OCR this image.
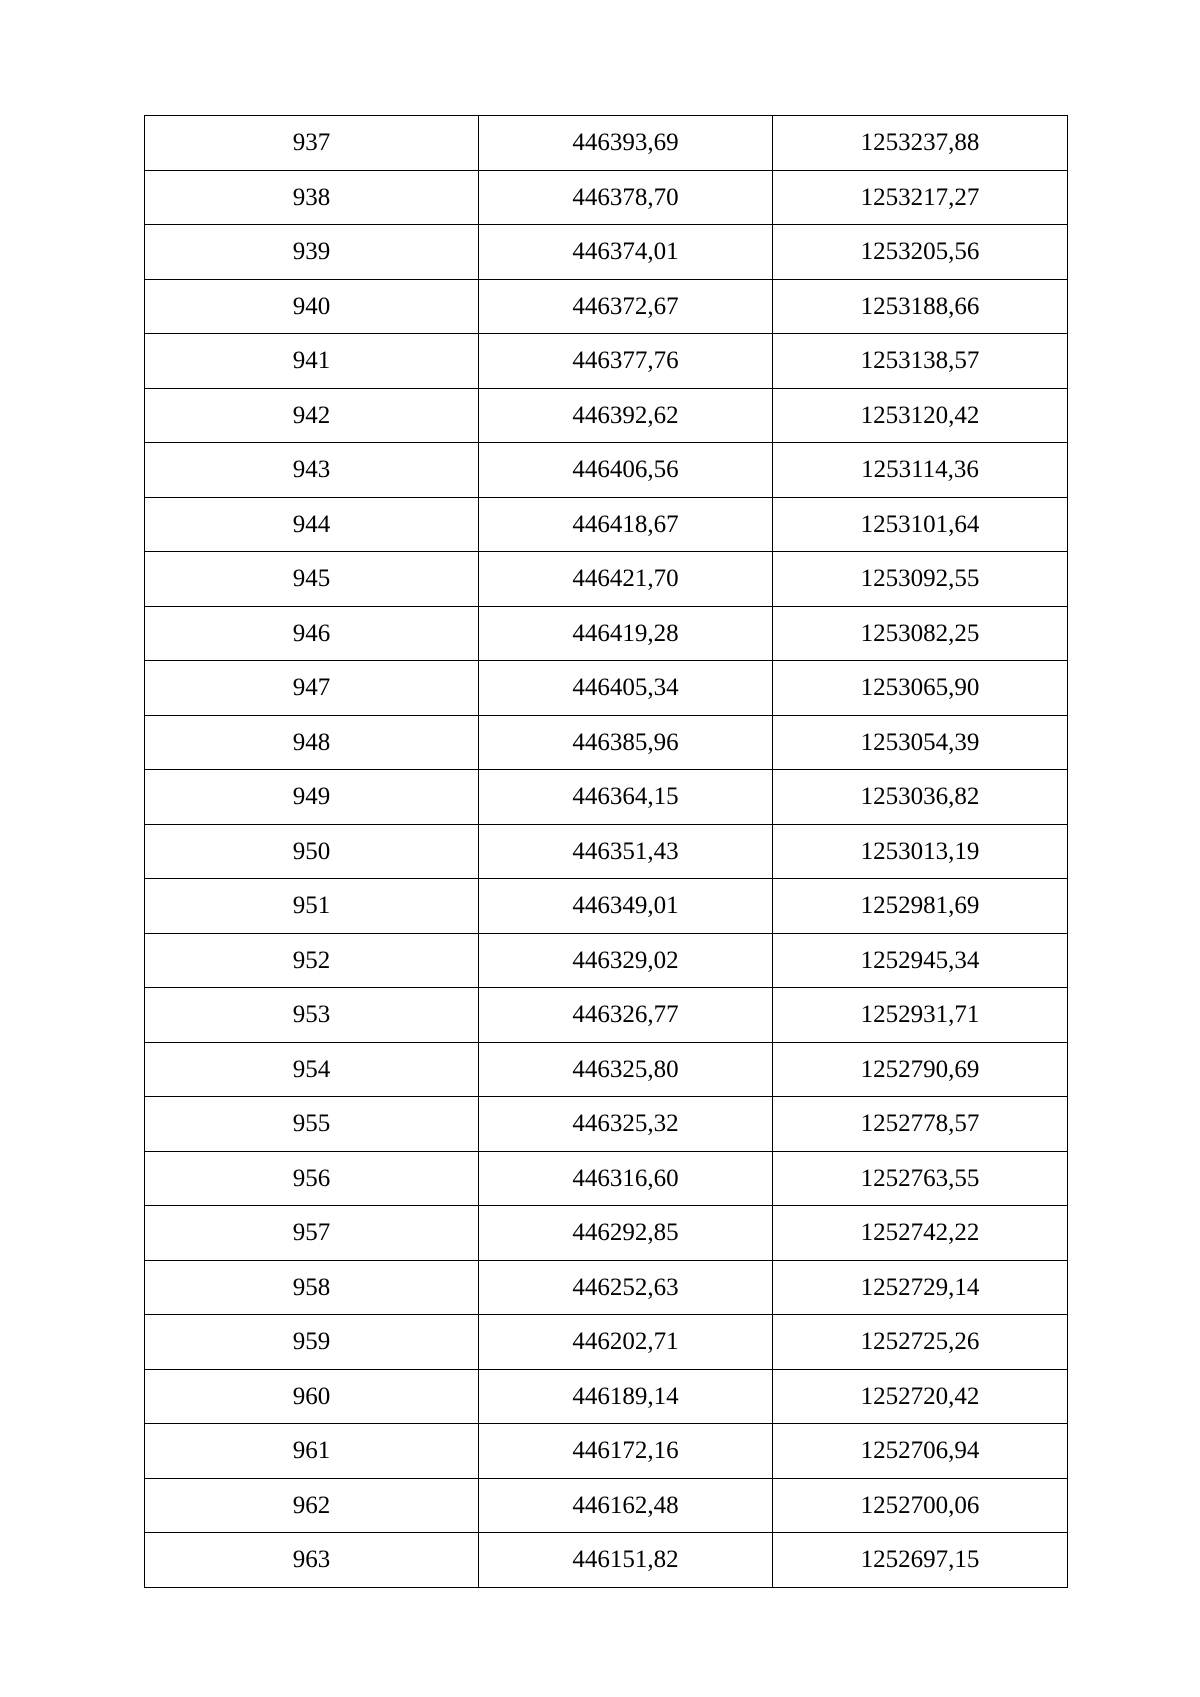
937	446393,69	1253237,88
938	446378,70	1253217,27
939	446374,01	1253205,56
940	446372,67	1253188,66
941	446377,76	1253138,57
942	446392,62	1253120,42
943	446406,56	1253114,36
944	446418,67	1253101,64
945	446421,70	1253092,55
946	446419,28	1253082,25
947	446405,34	1253065,90
948	446385,96	1253054,39
949	446364,15	1253036,82
950	446351,43	1253013,19
951	446349,01	1252981,69
952	446329,02	1252945,34
953	446326,77	1252931,71
954	446325,80	1252790,69
955	446325,32	1252778,57
956	446316,60	1252763,55
957	446292,85	1252742,22
958	446252,63	1252729,14
959	446202,71	1252725,26
960	446189,14	1252720,42
961	446172,16	1252706,94
962	446162,48	1252700,06
963	446151,82	1252697,15
